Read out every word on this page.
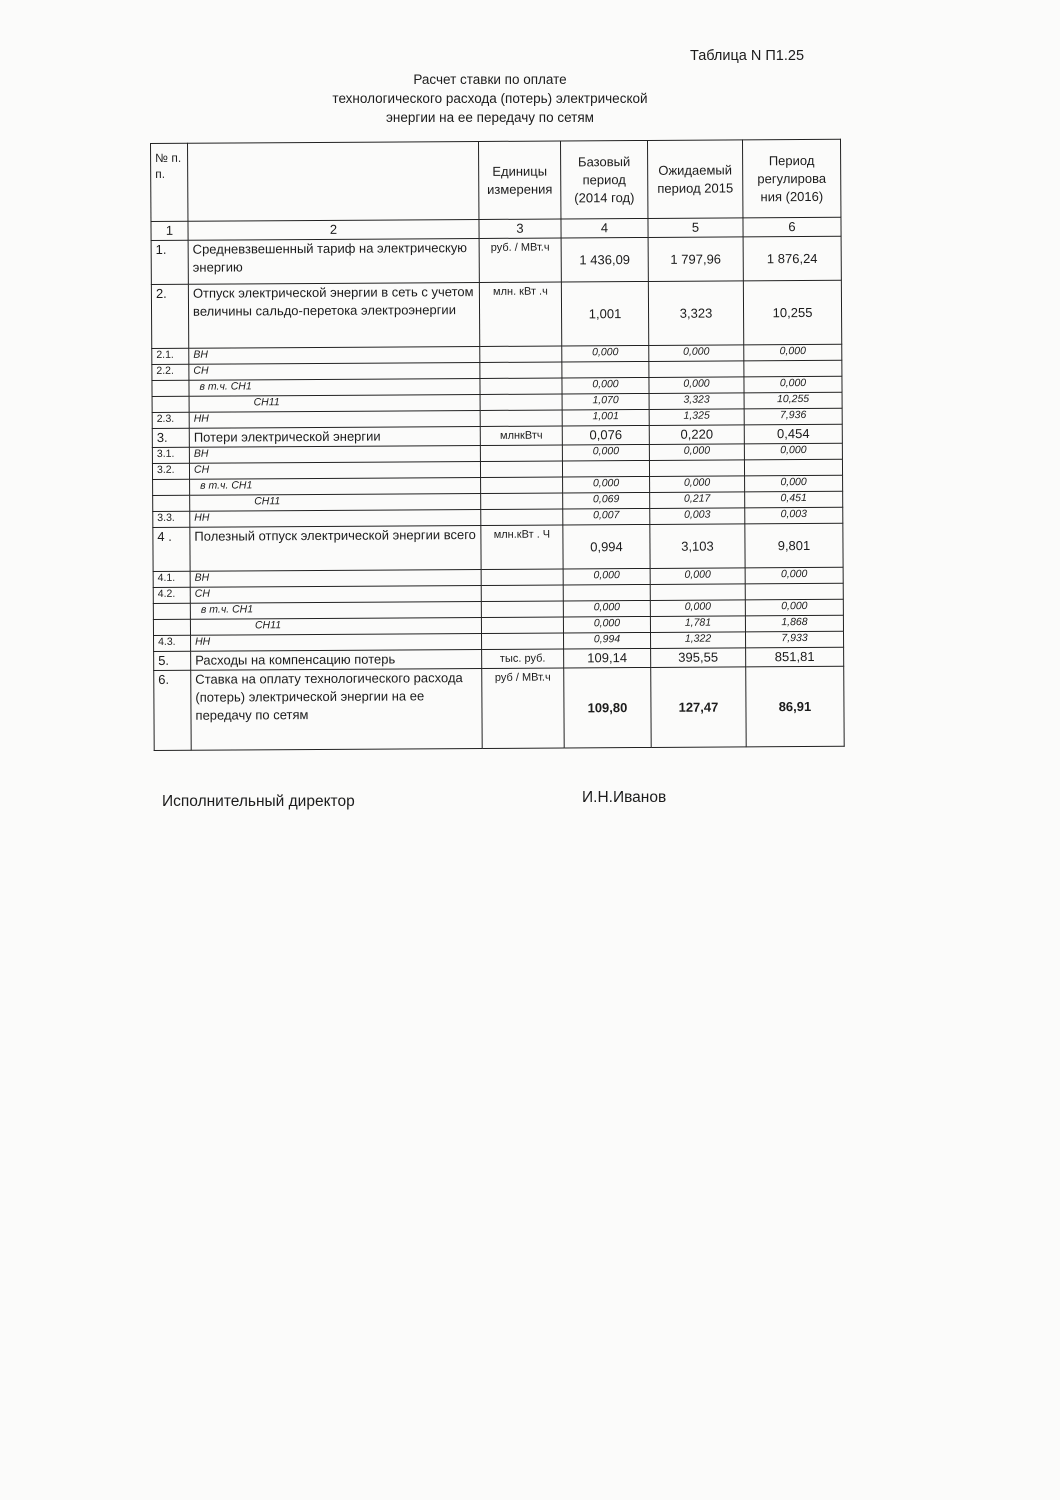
Таблица N П1.25
Расчет ставки по оплате
технологического расхода (потерь) электрической
энергии на ее передачу по сетям
№ п. п.		Единицы измерения	Базовый период (2014 год)	Ожидаемый период 2015	Период регулирова ния (2016)
1	2	3	4	5	6
1.	Средневзвешенный тариф на электрическую энергию	руб. / МВт.ч	1 436,09	1 797,96	1 876,24
2.	Отпуск электрической энергии в сеть с учетом величины сальдо-перетока электроэнергии	млн. кВт .ч	1,001	3,323	10,255
2.1.	ВН		0,000	0,000	0,000
2.2.	СН				
	в т.ч. СН1		0,000	0,000	0,000
	СН11		1,070	3,323	10,255
2.3.	НН		1,001	1,325	7,936
3.	Потери электрической энергии	млнкВтч	0,076	0,220	0,454
3.1.	ВН		0,000	0,000	0,000
3.2.	СН				
	в т.ч. СН1		0,000	0,000	0,000
	СН11		0,069	0,217	0,451
3.3.	НН		0,007	0,003	0,003
4 .	Полезный отпуск электрической энергии всего	млн.кВт . Ч	0,994	3,103	9,801
4.1.	ВН		0,000	0,000	0,000
4.2.	СН				
	в т.ч. СН1		0,000	0,000	0,000
	СН11		0,000	1,781	1,868
4.3.	НН		0,994	1,322	7,933
5.	Расходы на компенсацию потерь	тыс. руб.	109,14	395,55	851,81
6.	Ставка на оплату технологического расхода (потерь) электрической энергии на ее передачу по сетям	руб / МВт.ч	109,80	127,47	86,91
Исполнительный директор	И.Н.Иванов
